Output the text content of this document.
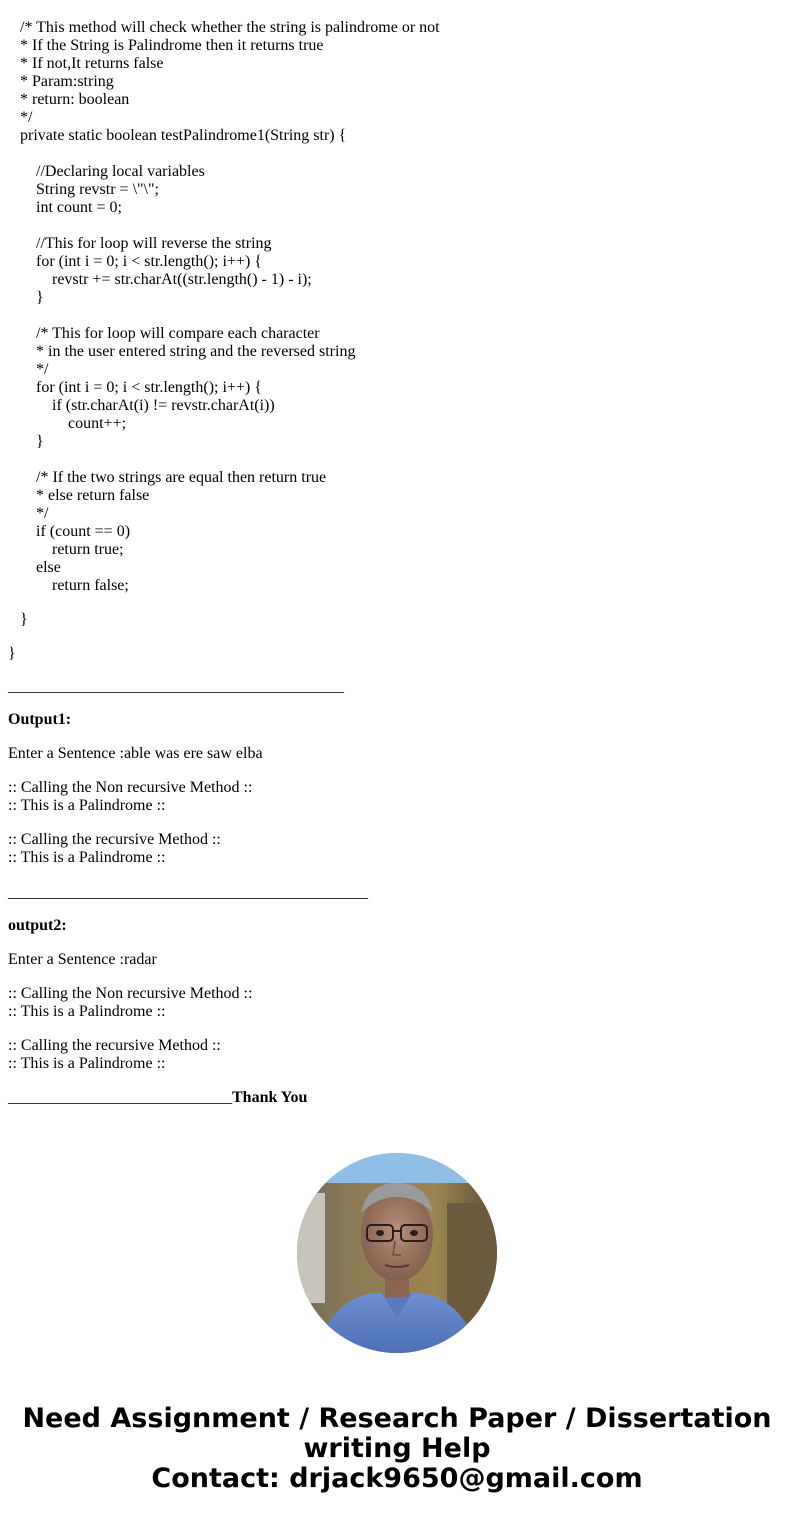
/* This method will check whether the string is palindrome or not
* If the String is Palindrome then it returns true
* If not,It returns false
* Param:string
* return: boolean
*/
private static boolean testPalindrome1(String str) {
//Declaring local variables
String revstr = \"\";
int count = 0;
//This for loop will reverse the string
for (int i = 0; i < str.length(); i++) {
revstr += str.charAt((str.length() - 1) - i);
}
/* This for loop will compare each character
* in the user entered string and the reversed string
*/
for (int i = 0; i < str.length(); i++) {
if (str.charAt(i) != revstr.charAt(i))
count++;
}
/* If the two strings are equal then return true
* else return false
*/
if (count == 0)
return true;
else
return false;
}
}
__________________________________________
Output1:
Enter a Sentence :able was ere saw elba
:: Calling the Non recursive Method ::
:: This is a Palindrome ::
:: Calling the recursive Method ::
:: This is a Palindrome ::
_____________________________________________
output2:
Enter a Sentence :radar
:: Calling the Non recursive Method ::
:: This is a Palindrome ::
:: Calling the recursive Method ::
:: This is a Palindrome ::
____________________________Thank You
Need Assignment / Research Paper / Dissertation
writing Help
Contact: drjack9650@gmail.com
